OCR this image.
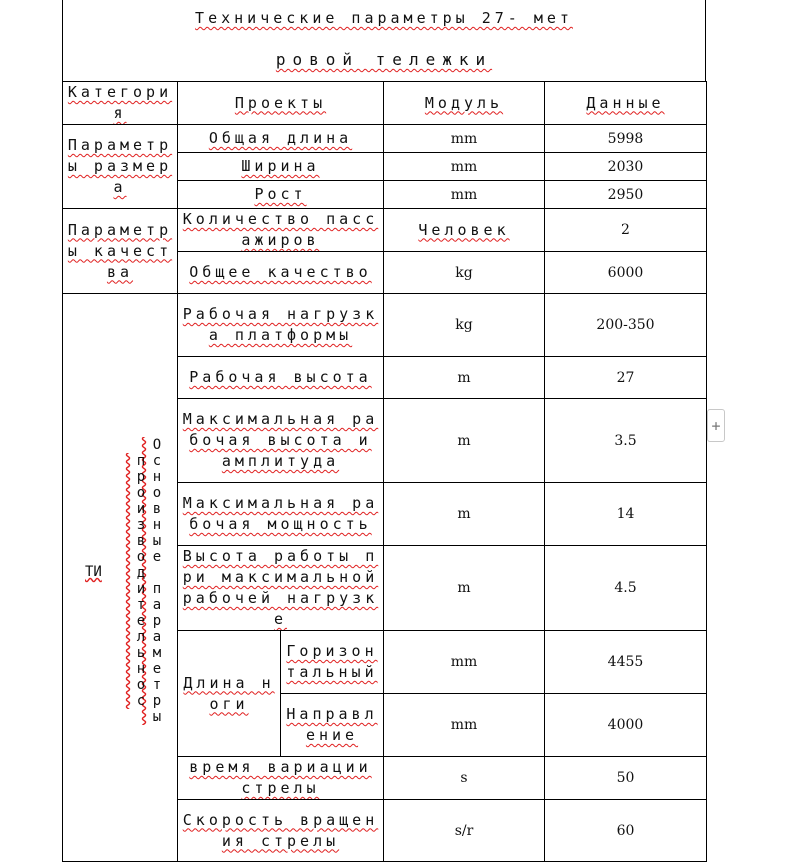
Технические параметры 27- мет
ровой тележки
Категория	Проекты		Модуль	Данные
Параметры размера	Общая длина		mm	5998
	Ширина		mm	2030
	Рост		mm	2950
Параметры качества	Количество пассажиров		Человек	2
	Общее качество		kg	6000

ТИ Основные параметры производительнос	Рабочая нагрузка платформы		kg	200-350
	Рабочая высота		m	27
	Максимальная рабочая высота и амплитуда		m	3.5
	Максимальная рабочая мощность		m	14
	Высота работы при максимальной рабочей нагрузке		m	4.5
	Длина ноги	Горизонтальный	mm	4455
		Направление	mm	4000
	время вариации стрелы		s	50
	Скорость вращения стрелы		s/r	60
+
